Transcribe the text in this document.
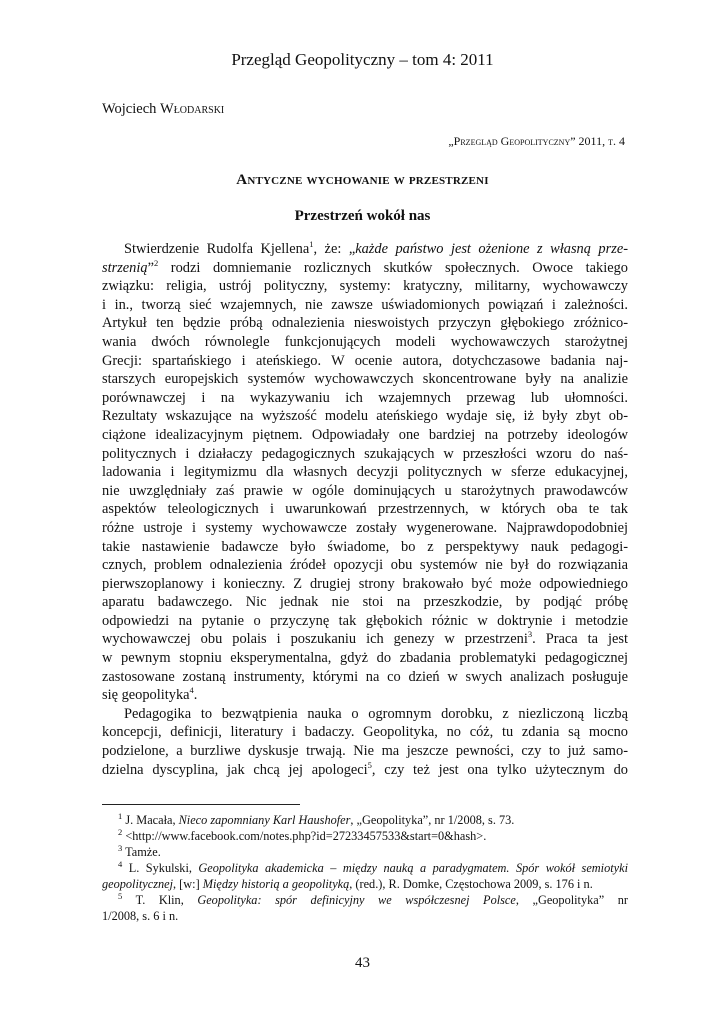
Przegląd Geopolityczny – tom 4: 2011
Wojciech Włodarski
„Przegląd Geopolityczny” 2011, t. 4
Antyczne wychowanie w przestrzeni
Przestrzeń wokół nas
Stwierdzenie Rudolfa Kjellena$^1$, że: „każde państwo jest ożenione z własną prze-
strzenią”$^2$ rodzi domniemanie rozlicznych skutków społecznych. Owoce takiego
związku: religia, ustrój polityczny, systemy: kratyczny, militarny, wychowawczy
i in., tworzą sieć wzajemnych, nie zawsze uświadomionych powiązań i zależności.
Artykuł ten będzie próbą odnalezienia nieswoistych przyczyn głębokiego zróżnico-
wania dwóch równolegle funkcjonujących modeli wychowawczych starożytnej
Grecji: spartańskiego i ateńskiego. W ocenie autora, dotychczasowe badania naj-
starszych europejskich systemów wychowawczych skoncentrowane były na analizie
porównawczej i na wykazywaniu ich wzajemnych przewag lub ułomności.
Rezultaty wskazujące na wyższość modelu ateńskiego wydaje się, iż były zbyt ob-
ciążone idealizacyjnym piętnem. Odpowiadały one bardziej na potrzeby ideologów
politycznych i działaczy pedagogicznych szukających w przeszłości wzoru do naś-
ladowania i legitymizmu dla własnych decyzji politycznych w sferze edukacyjnej,
nie uwzględniały zaś prawie w ogóle dominujących u starożytnych prawodawców
aspektów teleologicznych i uwarunkowań przestrzennych, w których oba te tak
różne ustroje i systemy wychowawcze zostały wygenerowane. Najprawdopodobniej
takie nastawienie badawcze było świadome, bo z perspektywy nauk pedagogi-
cznych, problem odnalezienia źródeł opozycji obu systemów nie był do rozwiązania
pierwszoplanowy i konieczny. Z drugiej strony brakowało być może odpowiedniego
aparatu badawczego. Nic jednak nie stoi na przeszkodzie, by podjąć próbę
odpowiedzi na pytanie o przyczynę tak głębokich różnic w doktrynie i metodzie
wychowawczej obu polais i poszukaniu ich genezy w przestrzeni$^3$. Praca ta jest
w pewnym stopniu eksperymentalna, gdyż do zbadania problematyki pedagogicznej
zastosowane zostaną instrumenty, którymi na co dzień w swych analizach posługuje
się geopolityka$^4$.
Pedagogika to bezwątpienia nauka o ogromnym dorobku, z niezliczoną liczbą
koncepcji, definicji, literatury i badaczy. Geopolityka, no cóż, tu zdania są mocno
podzielone, a burzliwe dyskusje trwają. Nie ma jeszcze pewności, czy to już samo-
dzielna dyscyplina, jak chcą jej apologeci$^5$, czy też jest ona tylko użytecznym do
$^1$ J. Macała, Nieco zapomniany Karl Haushofer, „Geopolityka”, nr 1/2008, s. 73.
$^2$ <http://www.facebook.com/notes.php?id=27233457533&start=0&hash>.
$^3$ Tamże.
$^4$ L. Sykulski, Geopolityka akademicka – między nauką a paradygmatem. Spór wokół semiotyki
geopolitycznej, [w:] Między historią a geopolityką, (red.), R. Domke, Częstochowa 2009, s. 176 i n.
$^5$ T. Klin, Geopolityka: spór definicyjny we współczesnej Polsce, „Geopolityka” nr
1/2008, s. 6 i n.
43
